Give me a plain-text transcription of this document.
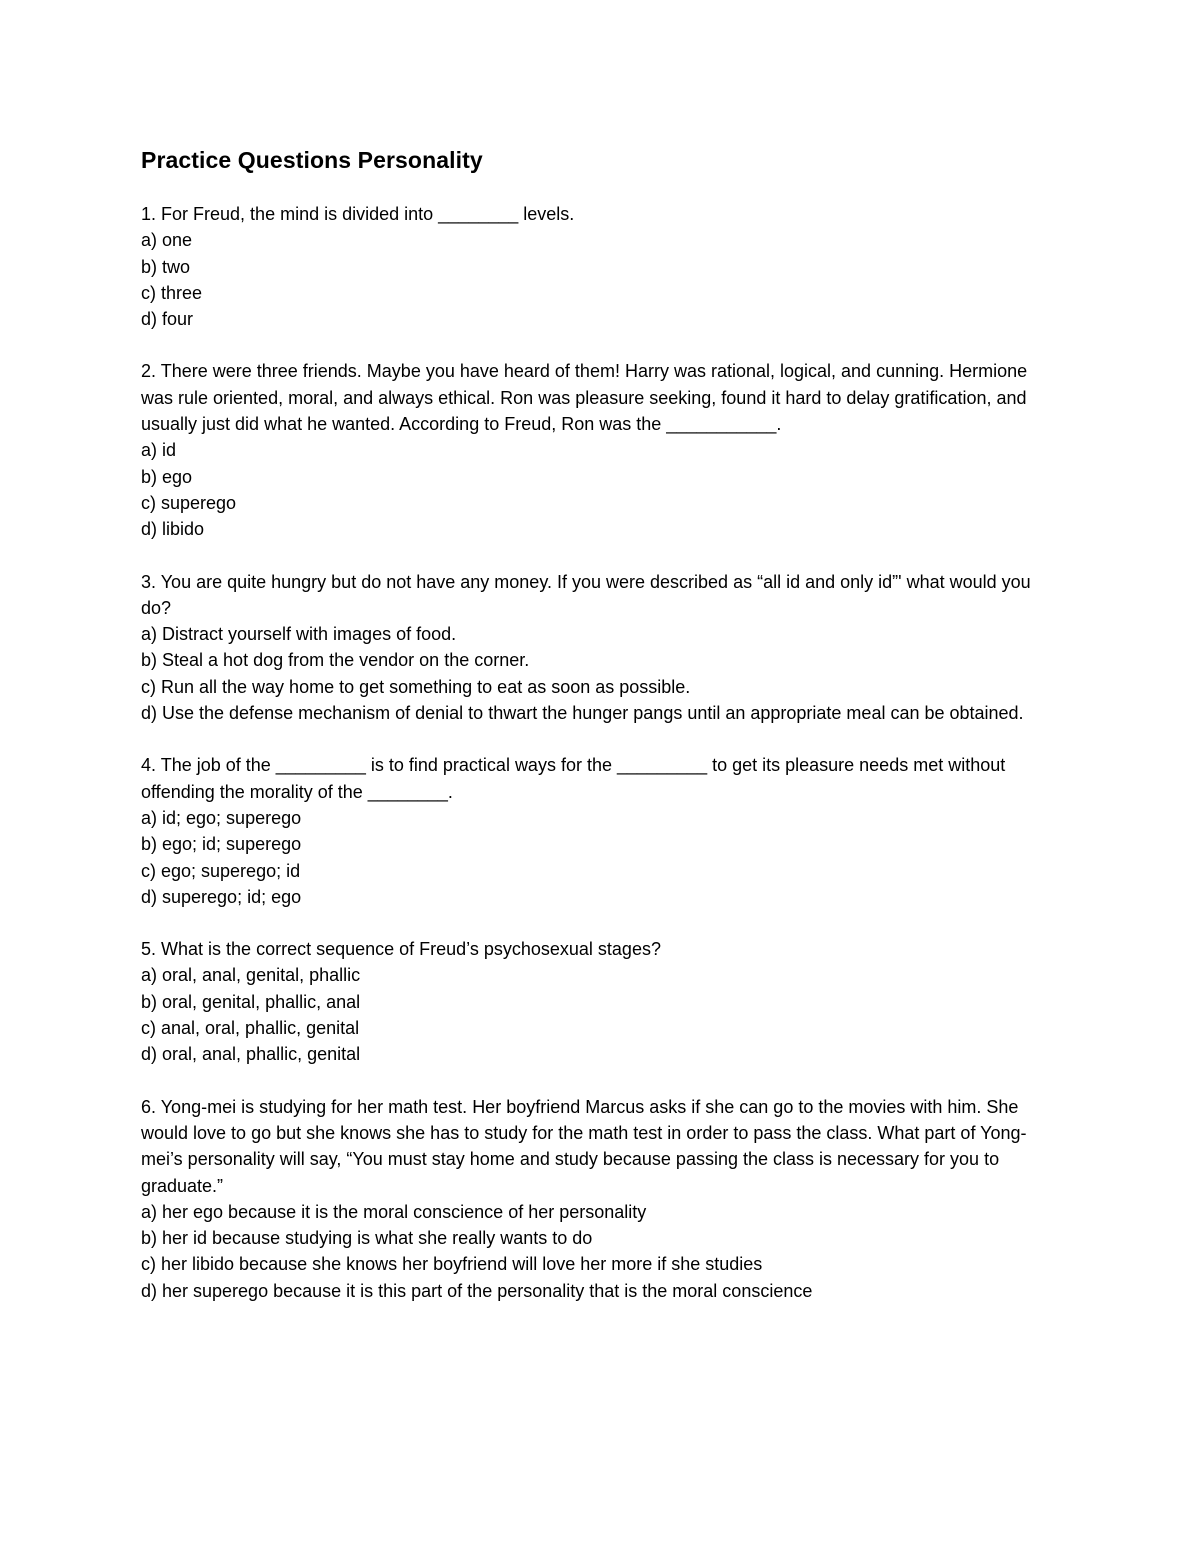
Practice Questions Personality
1. For Freud, the mind is divided into ________ levels.
a) one
b) two
c) three
d) four
2. There were three friends. Maybe you have heard of them! Harry was rational, logical, and cunning. Hermione was rule oriented, moral, and always ethical. Ron was pleasure seeking, found it hard to delay gratification, and usually just did what he wanted. According to Freud, Ron was the ___________.
a) id
b) ego
c) superego
d) libido
3. You are quite hungry but do not have any money. If you were described as “all id and only id”' what would you do?
a) Distract yourself with images of food.
b) Steal a hot dog from the vendor on the corner.
c) Run all the way home to get something to eat as soon as possible.
d) Use the defense mechanism of denial to thwart the hunger pangs until an appropriate meal can be obtained.
4. The job of the _________ is to find practical ways for the _________ to get its pleasure needs met without offending the morality of the ________.
a) id; ego; superego
b) ego; id; superego
c) ego; superego; id
d) superego; id; ego
5. What is the correct sequence of Freud’s psychosexual stages?
a) oral, anal, genital, phallic
b) oral, genital, phallic, anal
c) anal, oral, phallic, genital
d) oral, anal, phallic, genital
6. Yong-mei is studying for her math test. Her boyfriend Marcus asks if she can go to the movies with him. She would love to go but she knows she has to study for the math test in order to pass the class. What part of Yong-mei’s personality will say, “You must stay home and study because passing the class is necessary for you to graduate.”
a) her ego because it is the moral conscience of her personality
b) her id because studying is what she really wants to do
c) her libido because she knows her boyfriend will love her more if she studies
d) her superego because it is this part of the personality that is the moral conscience
